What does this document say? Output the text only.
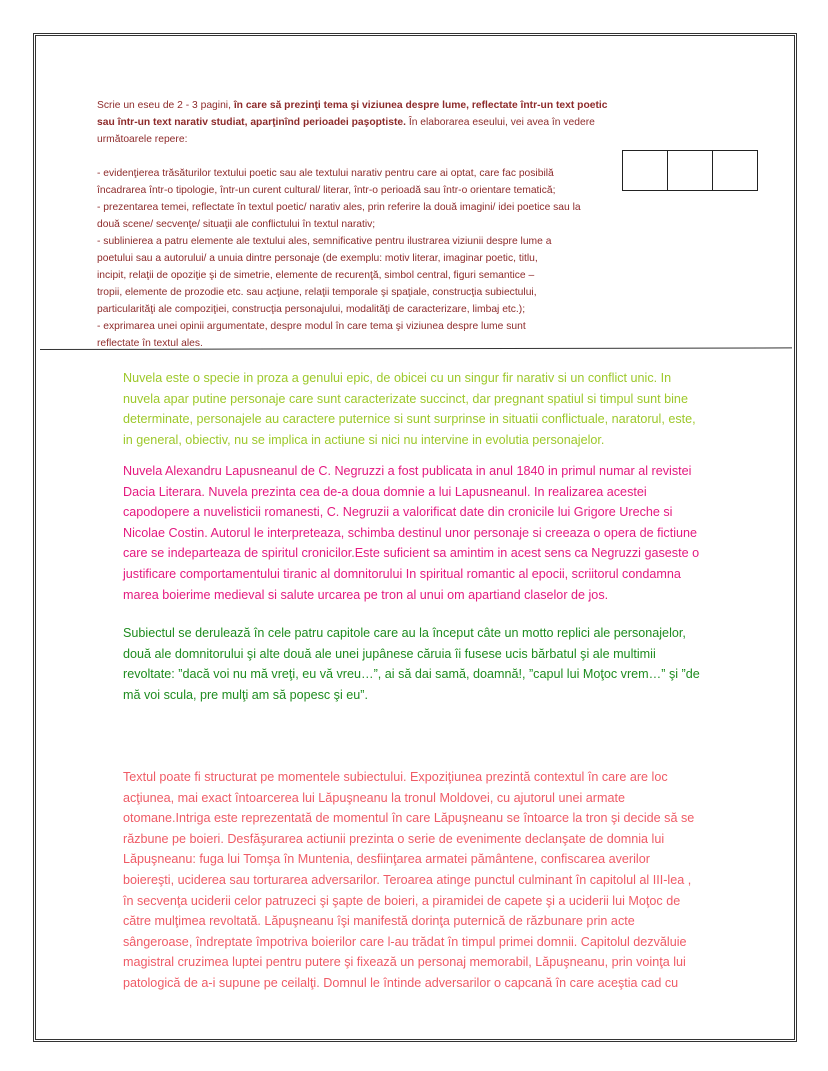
Scrie un eseu de 2 - 3 pagini, în care să prezinţi tema şi viziunea despre lume, reflectate într-un text poetic
sau într-un text narativ studiat, aparţinînd perioadei paşoptiste. În elaborarea eseului, vei avea în vedere
următoarele repere:
- evidenţierea trăsăturilor textului poetic sau ale textului narativ pentru care ai optat, care fac posibilă
încadrarea într-o tipologie, într-un curent cultural/ literar, într-o perioadă sau într-o orientare tematică;
- prezentarea temei, reflectate în textul poetic/ narativ ales, prin referire la două imagini/ idei poetice sau la
două scene/ secvenţe/ situaţii ale conflictului în textul narativ;
- sublinierea a patru elemente ale textului ales, semnificative pentru ilustrarea viziunii despre lume a
poetului sau a autorului/ a unuia dintre personaje (de exemplu: motiv literar, imaginar poetic, titlu,
incipit, relaţii de opoziţie şi de simetrie, elemente de recurenţă, simbol central, figuri semantice –
tropii, elemente de prozodie etc. sau acţiune, relaţii temporale şi spaţiale, construcţia subiectului,
particularităţi ale compoziţiei, construcţia personajului, modalităţi de caracterizare, limbaj etc.);
- exprimarea unei opinii argumentate, despre modul în care tema şi viziunea despre lume sunt
reflectate în textul ales.
Nuvela este o specie in proza a genului epic, de obicei cu un singur fir narativ si un conflict unic. In
nuvela apar putine personaje care sunt caracterizate succinct, dar pregnant spatiul si timpul sunt bine
determinate, personajele au caractere puternice si sunt surprinse in situatii conflictuale, naratorul, este,
in general, obiectiv, nu se implica in actiune si nici nu intervine in evolutia personajelor.
Nuvela Alexandru Lapusneanul de C. Negruzzi a fost publicata in anul 1840 in primul numar al revistei
Dacia Literara. Nuvela prezinta cea de-a doua domnie a lui Lapusneanul. In realizarea acestei
capodopere a nuvelisticii romanesti, C. Negruzii a valorificat date din cronicile lui Grigore Ureche si
Nicolae Costin. Autorul le interpreteaza, schimba destinul unor personaje si creeaza o opera de fictiune
care se indeparteaza de spiritul cronicilor.Este suficient sa amintim in acest sens ca Negruzzi gaseste o
justificare comportamentului tiranic al domnitorului In spiritual romantic al epocii, scriitorul condamna
marea boierime medieval si salute urcarea pe tron al unui om apartiand claselor de jos.
Subiectul se derulează în cele patru capitole care au la început câte un motto replici ale personajelor,
două ale domnitorului şi alte două ale unei jupânese căruia îi fusese ucis bărbatul şi ale multimii
revoltate: ”dacă voi nu mă vreţi, eu vă vreu…”, ai să dai samă, doamnă!, ”capul lui Moţoc vrem…” şi ”de
mă voi scula, pre mulţi am să popesc şi eu”.
Textul poate fi structurat pe momentele subiectului. Expoziţiunea prezintă contextul în care are loc
acţiunea, mai exact întoarcerea lui Lăpuşneanu la tronul Moldovei, cu ajutorul unei armate
otomane.Intriga este reprezentată de momentul în care Lăpuşneanu se întoarce la tron şi decide să se
răzbune pe boieri. Desfăşurarea actiunii prezinta o serie de evenimente declanşate de domnia lui
Lăpuşneanu: fuga lui Tomşa în Muntenia, desfiinţarea armatei pământene, confiscarea averilor
boiereşti, uciderea sau torturarea adversarilor. Teroarea atinge punctul culminant în capitolul al III-lea ,
în secvenţa uciderii celor patruzeci şi şapte de boieri, a piramidei de capete şi a uciderii lui Moţoc de
către mulţimea revoltată. Lăpuşneanu îşi manifestă dorinţa puternică de răzbunare prin acte
sângeroase, îndreptate împotriva boierilor care l-au trădat în timpul primei domnii. Capitolul dezvăluie
magistral cruzimea luptei pentru putere şi fixează un personaj memorabil, Lăpuşneanu, prin voinţa lui
patologică de a-i supune pe ceilalţi. Domnul le întinde adversarilor o capcană în care aceştia cad cu
